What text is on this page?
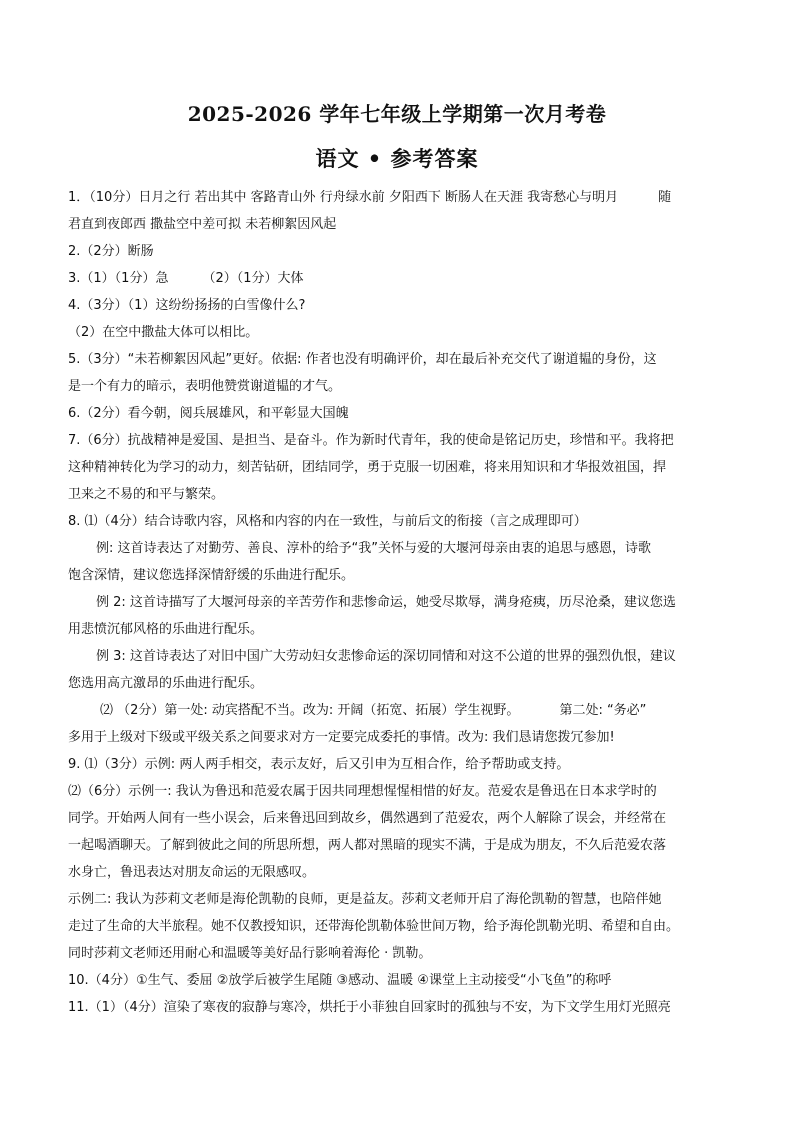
2025-2026 学年七年级上学期第一次月考卷
语文 • 参考答案
1．（10分）日月之行 若出其中 客路青山外 行舟绿水前 夕阳西下 断肠人在天涯 我寄愁心与明月	随
君直到夜郎西 撒盐空中差可拟 未若柳絮因风起
2.（2分）断肠
3.（1）（1分）急	（2）（1分）大体
4.（3分）（1）这纷纷扬扬的白雪像什么?
（2）在空中撒盐大体可以相比。
5.（3分）“未若柳絮因风起”更好。依据: 作者也没有明确评价，却在最后补充交代了谢道韫的身份，这
是一个有力的暗示，表明他赞赏谢道韫的才气。
6.（2分）看今朝，阅兵展雄风，和平彰显大国魄
7.（6分）抗战精神是爱国、是担当、是奋斗。作为新时代青年，我的使命是铭记历史，珍惜和平。我将把
这种精神转化为学习的动力，刻苦钻研，团结同学，勇于克服一切困难，将来用知识和才华报效祖国，捍
卫来之不易的和平与繁荣。
8. ⑴（4分）结合诗歌内容，风格和内容的内在一致性，与前后文的衔接（言之成理即可）
例: 这首诗表达了对勤劳、善良、淳朴的给予“我”关怀与爱的大堰河母亲由衷的追思与感恩，诗歌
饱含深情，建议您选择深情舒缓的乐曲进行配乐。
例 2: 这首诗描写了大堰河母亲的辛苦劳作和悲惨命运，她受尽欺辱，满身疮痍，历尽沧桑，建议您选
用悲愤沉郁风格的乐曲进行配乐。
例 3: 这首诗表达了对旧中国广大劳动妇女悲惨命运的深切同情和对这不公道的世界的强烈仇恨，建议
您选用高亢激昂的乐曲进行配乐。
⑵ （2分）第一处: 动宾搭配不当。改为: 开阔（拓宽、拓展）学生视野。	第二处: “务必”
多用于上级对下级或平级关系之间要求对方一定要完成委托的事情。改为: 我们恳请您拨冗参加!
9. ⑴（3分）示例: 两人两手相交，表示友好，后又引申为互相合作，给予帮助或支持。
⑵（6分）示例一: 我认为鲁迅和范爱农属于因共同理想惺惺相惜的好友。范爱农是鲁迅在日本求学时的
同学。开始两人间有一些小误会，后来鲁迅回到故乡，偶然遇到了范爱农，两个人解除了误会，并经常在
一起喝酒聊天。了解到彼此之间的所思所想，两人都对黑暗的现实不满，于是成为朋友，不久后范爱农落
水身亡，鲁迅表达对朋友命运的无限感叹。
示例二: 我认为莎莉文老师是海伦凯勒的良师，更是益友。莎莉文老师开启了海伦凯勒的智慧，也陪伴她
走过了生命的大半旅程。她不仅教授知识，还带海伦凯勒体验世间万物，给予海伦凯勒光明、希望和自由。
同时莎莉文老师还用耐心和温暖等美好品行影响着海伦 · 凯勒。
10.（4分）①生气、委屈 ②放学后被学生尾随 ③感动、温暖 ④课堂上主动接受“小飞鱼”的称呼
11.（1）（4分）渲染了寒夜的寂静与寒冷，烘托于小菲独自回家时的孤独与不安，为下文学生用灯光照亮
